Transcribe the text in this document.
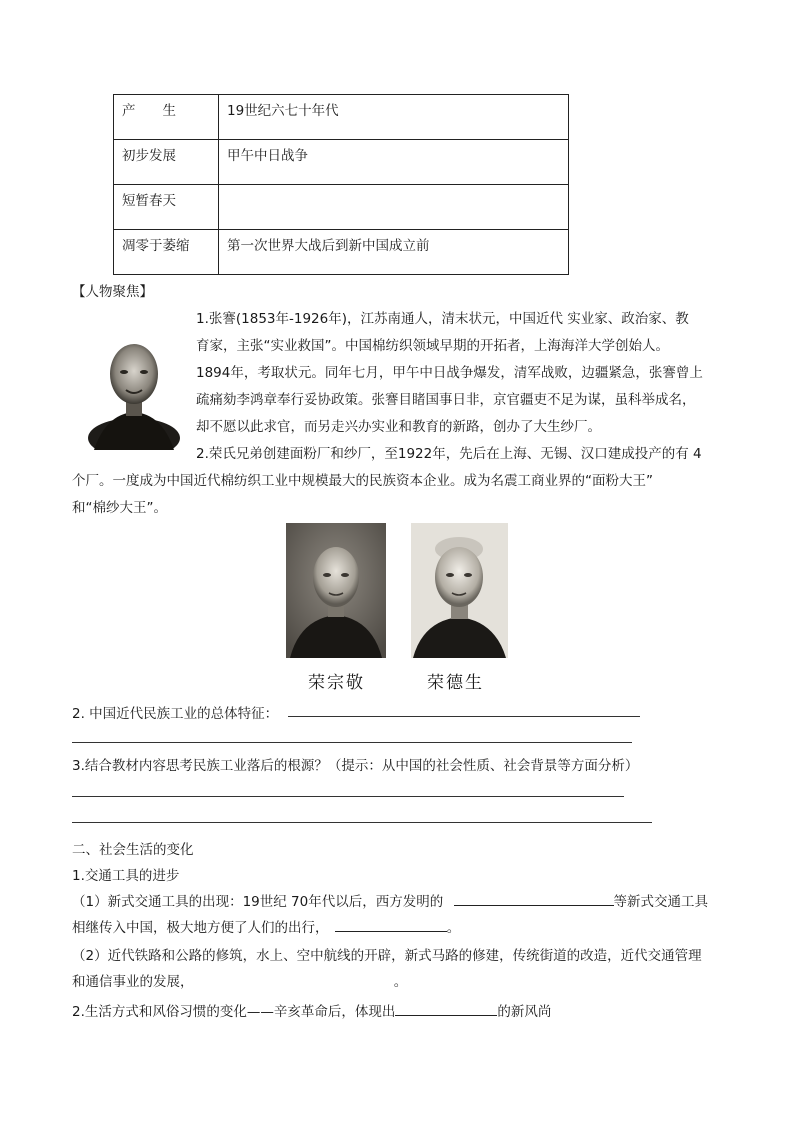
产　　生	19世纪六七十年代
初步发展	甲午中日战争
短暂春天	
凋零于萎缩	第一次世界大战后到新中国成立前
【人物聚焦】
1.张謇(1853年-1926年)，江苏南通人，清末状元，中国近代 实业家、政治家、教
育家，主张“实业救国”。中国棉纺织领域早期的开拓者，上海海洋大学创始人。
1894年，考取状元。同年七月，甲午中日战争爆发，清军战败，边疆紧急，张謇曾上
疏痛劾李鸿章奉行妥协政策。张謇目睹国事日非，京官疆吏不足为谋，虽科举成名，
却不愿以此求官，而另走兴办实业和教育的新路，创办了大生纱厂。
2.荣氏兄弟创建面粉厂和纱厂，至1922年，先后在上海、无锡、汉口建成投产的有 4
个厂。一度成为中国近代棉纺织工业中规模最大的民族资本企业。成为名震工商业界的“面粉大王”
和“棉纱大王”。
荣宗敬	荣德生
2. 中国近代民族工业的总体特征：
3.结合教材内容思考民族工业落后的根源？（提示：从中国的社会性质、社会背景等方面分析）
二、社会生活的变化
1.交通工具的进步
（1）新式交通工具的出现：19世纪 70年代以后，西方发明的	等新式交通工具
相继传入中国，极大地方便了人们的出行，	。
（2）近代铁路和公路的修筑，水上、空中航线的开辟，新式马路的修建，传统街道的改造，近代交通管理
和通信事业的发展，	。
2.生活方式和风俗习惯的变化——辛亥革命后，体现出	的新风尚
